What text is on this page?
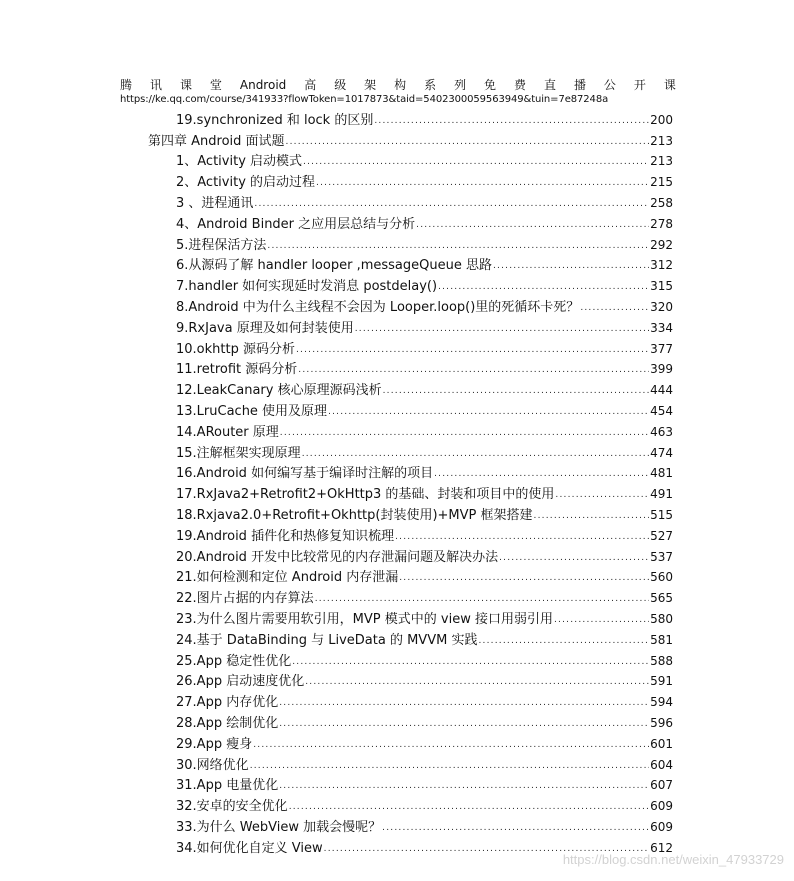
腾 讯 课 堂 Android 高 级 架 构 系 列 免 费 直 播 公 开 课
https://ke.qq.com/course/341933?flowToken=1017873&taid=5402300059563949&tuin=7e87248a
19.synchronized 和 lock 的区别 .....	200
第四章 Android 面试题 .....	213
1、Activity 启动模式 .....	213
2、Activity 的启动过程 .....	215
3 、进程通讯 .....	258
4、Android Binder 之应用层总结与分析 .....	278
5.进程保活方法 .....	292
6.从源码了解 handler looper ,messageQueue 思路 .....	312
7.handler 如何实现延时发消息 postdelay() .....	315
8.Android 中为什么主线程不会因为 Looper.loop()里的死循环卡死？ .....	320
9.RxJava 原理及如何封装使用 .....	334
10.okhttp 源码分析 .....	377
11.retrofit 源码分析 .....	399
12.LeakCanary 核心原理源码浅析 .....	444
13.LruCache 使用及原理 .....	454
14.ARouter 原理 .....	463
15.注解框架实现原理 .....	474
16.Android 如何编写基于编译时注解的项目 .....	481
17.RxJava2+Retrofit2+OkHttp3 的基础、封装和项目中的使用 .....	491
18.Rxjava2.0+Retrofit+Okhttp(封装使用)+MVP 框架搭建 .....	515
19.Android 插件化和热修复知识梳理 .....	527
20.Android 开发中比较常见的内存泄漏问题及解决办法 .....	537
21.如何检测和定位 Android 内存泄漏 .....	560
22.图片占据的内存算法 .....	565
23.为什么图片需要用软引用，MVP 模式中的 view 接口用弱引用 .....	580
24.基于 DataBinding 与 LiveData 的 MVVM 实践 .....	581
25.App 稳定性优化 .....	588
26.App 启动速度优化 .....	591
27.App 内存优化 .....	594
28.App 绘制优化 .....	596
29.App 瘦身 .....	601
30.网络优化 .....	604
31.App 电量优化 .....	607
32.安卓的安全优化 .....	609
33.为什么 WebView 加载会慢呢？ .....	609
34.如何优化自定义 View .....	612
https://blog.csdn.net/weixin_47933729
